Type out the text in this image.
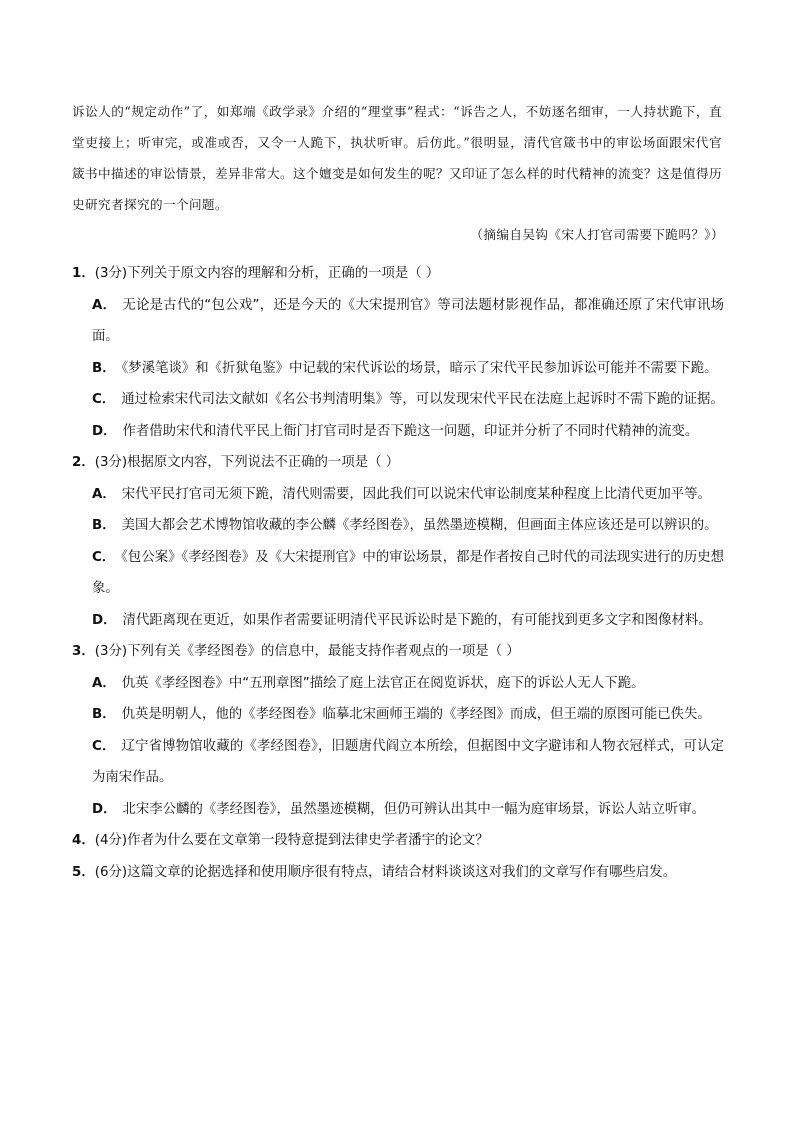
诉讼人的“规定动作”了，如郑端《政学录》介绍的“理堂事”程式：“诉告之人，不妨逐名细审，一人持状跪下，直堂吏接上；听审完，或准或否，又令一人跪下，执状听审。后仿此。”很明显，清代官箴书中的审讼场面跟宋代官箴书中描述的审讼情景，差异非常大。这个嬗变是如何发生的呢？又印证了怎么样的时代精神的流变？这是值得历史研究者探究的一个问题。

（摘编自吴钩《宋人打官司需要下跪吗？》）
1．(3分)下列关于原文内容的理解和分析，正确的一项是（ ）
A． 无论是古代的“包公戏”，还是今天的《大宋提刑官》等司法题材影视作品，都准确还原了宋代审讯场面。
B． 《梦溪笔谈》和《折狱龟鉴》中记载的宋代诉讼的场景，暗示了宋代平民参加诉讼可能并不需要下跪。
C． 通过检索宋代司法文献如《名公书判清明集》等，可以发现宋代平民在法庭上起诉时不需下跪的证据。
D． 作者借助宋代和清代平民上衙门打官司时是否下跪这一问题，印证并分析了不同时代精神的流变。
2．(3分)根据原文内容，下列说法不正确的一项是（ ）
A． 宋代平民打官司无须下跪，清代则需要，因此我们可以说宋代审讼制度某种程度上比清代更加平等。
B． 美国大都会艺术博物馆收藏的李公麟《孝经图卷》，虽然墨迹模糊，但画面主体应该还是可以辨识的。
C． 《包公案》《孝经图卷》及《大宋提刑官》中的审讼场景，都是作者按自己时代的司法现实进行的历史想象。
D． 清代距离现在更近，如果作者需要证明清代平民诉讼时是下跪的，有可能找到更多文字和图像材料。
3．(3分)下列有关《孝经图卷》的信息中，最能支持作者观点的一项是（ ）
A． 仇英《孝经图卷》中“五刑章图”描绘了庭上法官正在阅览诉状，庭下的诉讼人无人下跪。
B． 仇英是明朝人，他的《孝经图卷》临摹北宋画师王端的《孝经图》而成，但王端的原图可能已佚失。
C． 辽宁省博物馆收藏的《孝经图卷》，旧题唐代阎立本所绘，但据图中文字避讳和人物衣冠样式，可认定为南宋作品。
D． 北宋李公麟的《孝经图卷》，虽然墨迹模糊，但仍可辨认出其中一幅为庭审场景，诉讼人站立听审。
4．(4分)作者为什么要在文章第一段特意提到法律史学者潘宇的论文？
5．(6分)这篇文章的论据选择和使用顺序很有特点，请结合材料谈谈这对我们的文章写作有哪些启发。
